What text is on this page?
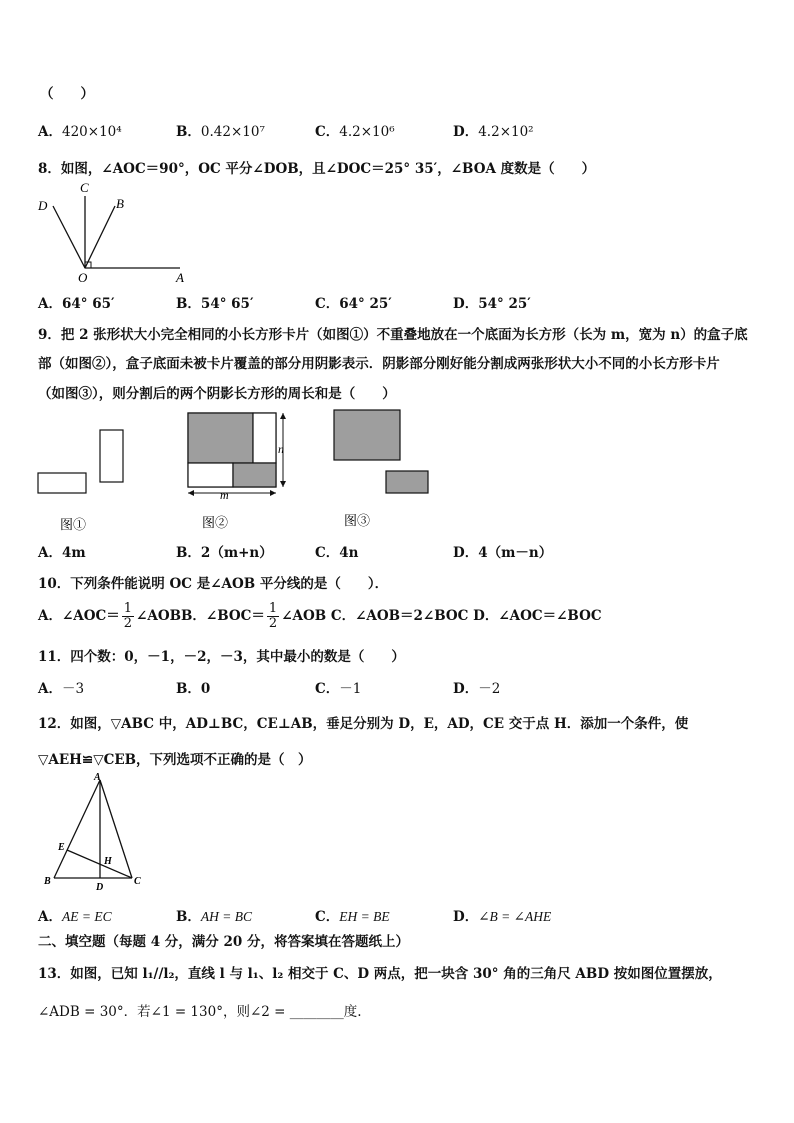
（　　）
A．420×10⁴	B．0.42×10⁷	C．4.2×10⁶	D．4.2×10²
8．如图，∠AOC＝90°，OC 平分∠DOB，且∠DOC＝25° 35′，∠BOA 度数是（　　）
C
D	B
O	A
A．64° 65′	B．54° 65′	C．64° 25′	D．54° 25′
9．把 2 张形状大小完全相同的小长方形卡片（如图①）不重叠地放在一个底面为长方形（长为 m，宽为 n）的盒子底
部（如图②），盒子底面未被卡片覆盖的部分用阴影表示．阴影部分刚好能分割成两张形状大小不同的小长方形卡片
（如图③），则分割后的两个阴影长方形的周长和是（　　）
图①
n
m
图②	图③
A．4m	B．2（m+n）	C．4n	D．4（m－n）
10．下列条件能说明 OC 是∠AOB 平分线的是（　　）．
A．∠AOC＝ $\frac{1}{2}$ ∠AOBB．∠BOC＝ $\frac{1}{2}$ ∠AOB C．∠AOB＝2∠BOC D．∠AOC＝∠BOC
11．四个数：0，－1，－2，－3，其中最小的数是（　　）
A．－3	B．0	C．－1	D．－2
12．如图，▽ABC 中，AD⊥BC，CE⊥AB，垂足分别为 D，E，AD，CE 交于点 H．添加一个条件，使
▽AEH≌▽CEB，下列选项不正确的是（　）
A
E
H
B
D
C
A．AE = EC	B．AH = BC	C．EH = BE	D．∠B = ∠AHE
二、填空题（每题 4 分，满分 20 分，将答案填在答题纸上）
13．如图，已知 l₁//l₂，直线 l 与 l₁、l₂ 相交于 C、D 两点，把一块含 30° 角的三角尺 ABD 按如图位置摆放，
∠ADB = 30°．若∠1 = 130°，则∠2 = ________度.
